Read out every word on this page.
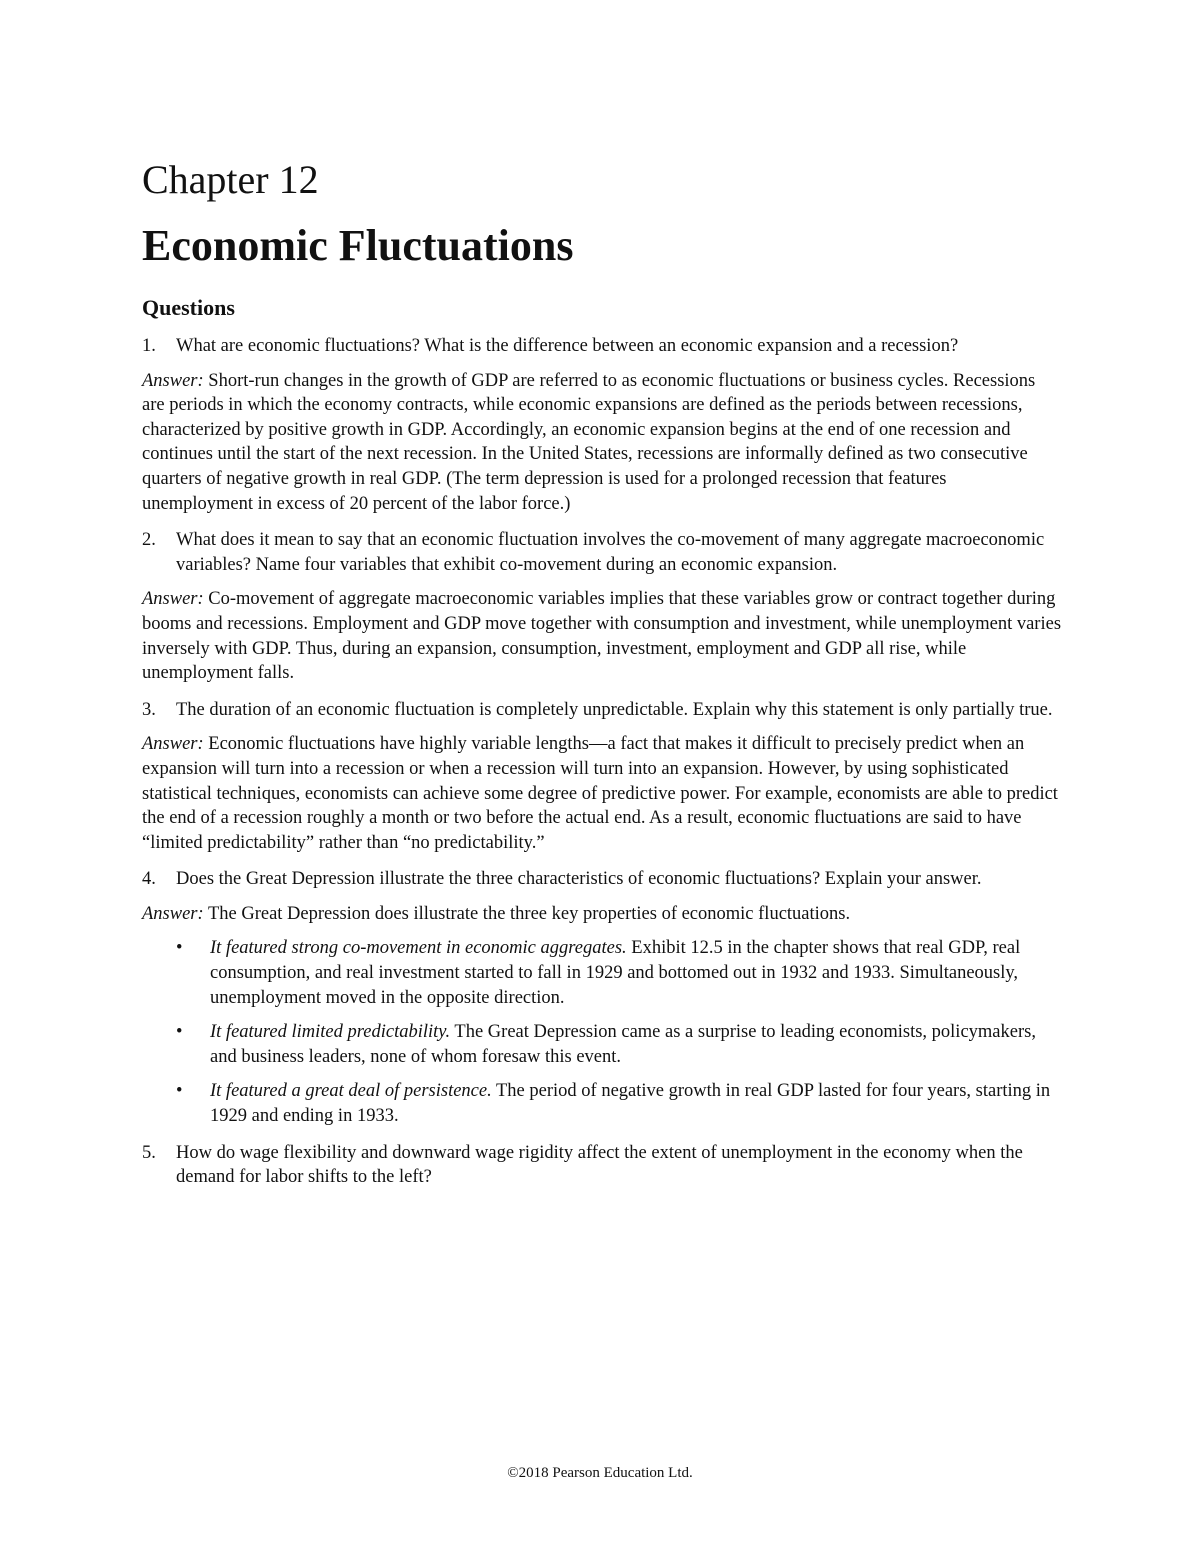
Chapter 12
Economic Fluctuations
Questions
1. What are economic fluctuations? What is the difference between an economic expansion and a recession?
Answer: Short-run changes in the growth of GDP are referred to as economic fluctuations or business cycles. Recessions are periods in which the economy contracts, while economic expansions are defined as the periods between recessions, characterized by positive growth in GDP. Accordingly, an economic expansion begins at the end of one recession and continues until the start of the next recession. In the United States, recessions are informally defined as two consecutive quarters of negative growth in real GDP. (The term depression is used for a prolonged recession that features unemployment in excess of 20 percent of the labor force.)
2. What does it mean to say that an economic fluctuation involves the co-movement of many aggregate macroeconomic variables? Name four variables that exhibit co-movement during an economic expansion.
Answer: Co-movement of aggregate macroeconomic variables implies that these variables grow or contract together during booms and recessions. Employment and GDP move together with consumption and investment, while unemployment varies inversely with GDP. Thus, during an expansion, consumption, investment, employment and GDP all rise, while unemployment falls.
3. The duration of an economic fluctuation is completely unpredictable. Explain why this statement is only partially true.
Answer: Economic fluctuations have highly variable lengths—a fact that makes it difficult to precisely predict when an expansion will turn into a recession or when a recession will turn into an expansion. However, by using sophisticated statistical techniques, economists can achieve some degree of predictive power. For example, economists are able to predict the end of a recession roughly a month or two before the actual end. As a result, economic fluctuations are said to have “limited predictability” rather than “no predictability.”
4. Does the Great Depression illustrate the three characteristics of economic fluctuations? Explain your answer.
Answer: The Great Depression does illustrate the three key properties of economic fluctuations.
• It featured strong co-movement in economic aggregates. Exhibit 12.5 in the chapter shows that real GDP, real consumption, and real investment started to fall in 1929 and bottomed out in 1932 and 1933. Simultaneously, unemployment moved in the opposite direction.
• It featured limited predictability. The Great Depression came as a surprise to leading economists, policymakers, and business leaders, none of whom foresaw this event.
• It featured a great deal of persistence. The period of negative growth in real GDP lasted for four years, starting in 1929 and ending in 1933.
5. How do wage flexibility and downward wage rigidity affect the extent of unemployment in the economy when the demand for labor shifts to the left?
©2018 Pearson Education Ltd.
